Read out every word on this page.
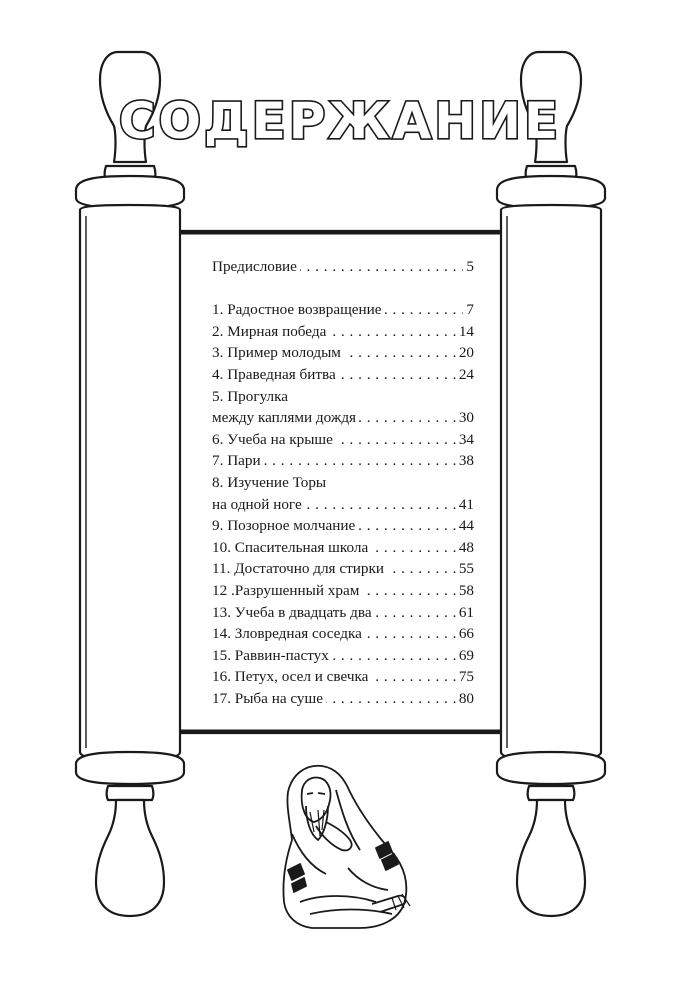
СОДЕРЖАНИЕ
. . .
Предисловие	5
. . .
1. Радостное возвращение	7
. . .
2. Мирная победа	14
. . .
3. Пример молодым	20
. . .
4. Праведная битва	24
5. Прогулка
. . .
между каплями дождя	30
. . .
6. Учеба на крыше	34
. . .
7. Пари	38
8. Изучение Торы
. . .
на одной ноге	41
. . .
9. Позорное молчание	44
. . .
10. Спасительная школа	48
. . .
11. Достаточно для стирки	55
. . .
12 .Разрушенный храм	58
. . .
13. Учеба в двадцать два	61
. . .
14. Зловредная соседка	66
. . .
15. Раввин-пастух	69
. . .
16. Петух, осел и свечка	75
. . .
17. Рыба на суше	80
